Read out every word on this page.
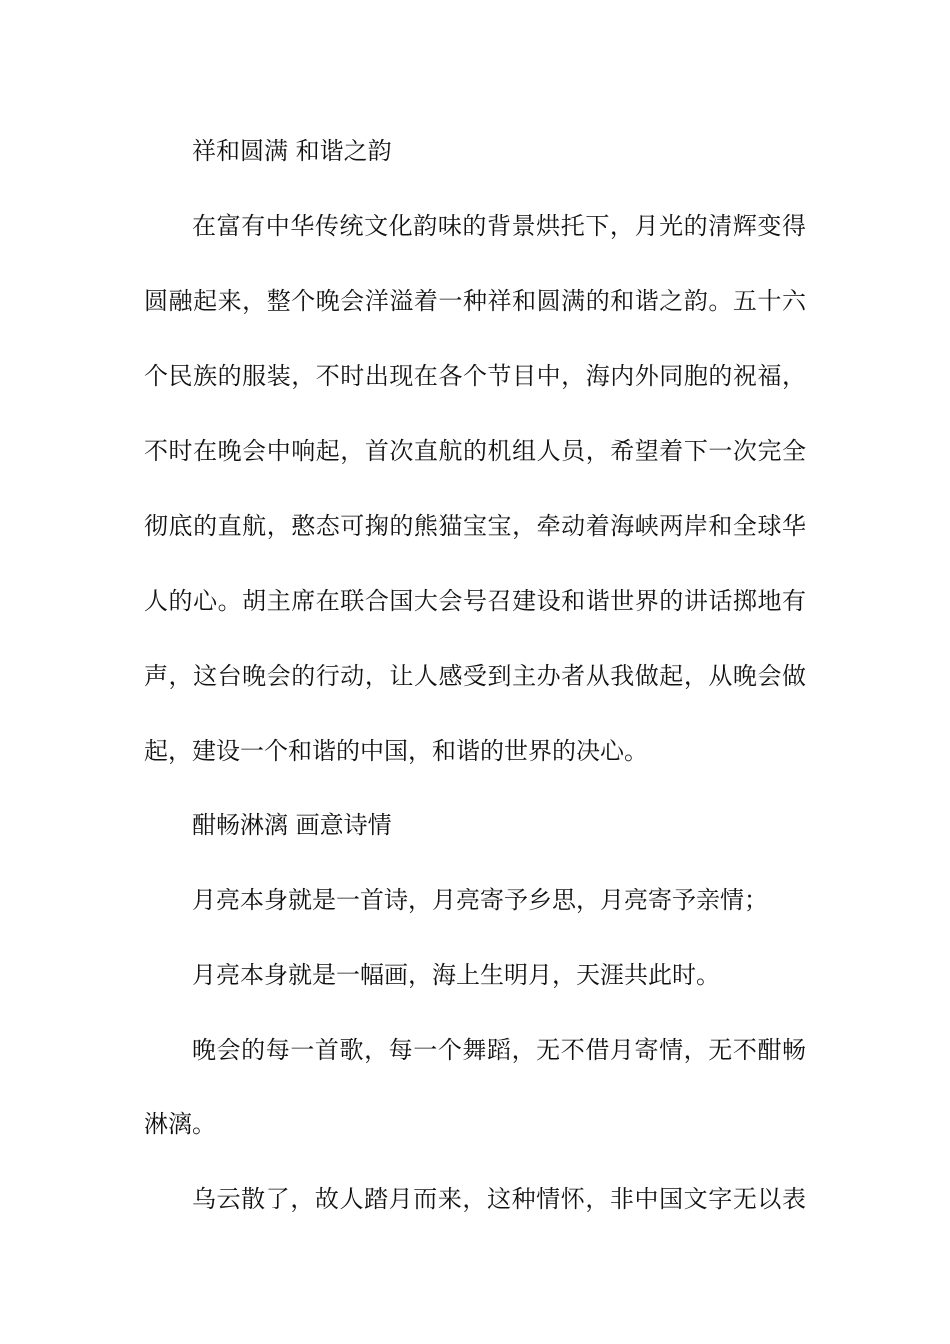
祥和圆满 和谐之韵
在富有中华传统文化韵味的背景烘托下，月光的清辉变得
圆融起来，整个晚会洋溢着一种祥和圆满的和谐之韵。五十六
个民族的服装，不时出现在各个节目中，海内外同胞的祝福，
不时在晚会中响起，首次直航的机组人员，希望着下一次完全
彻底的直航，憨态可掬的熊猫宝宝，牵动着海峡两岸和全球华
人的心。胡主席在联合国大会号召建设和谐世界的讲话掷地有
声，这台晚会的行动，让人感受到主办者从我做起，从晚会做
起，建设一个和谐的中国，和谐的世界的决心。
酣畅淋漓 画意诗情
月亮本身就是一首诗，月亮寄予乡思，月亮寄予亲情；
月亮本身就是一幅画，海上生明月，天涯共此时。
晚会的每一首歌，每一个舞蹈，无不借月寄情，无不酣畅
淋漓。
乌云散了，故人踏月而来，这种情怀，非中国文字无以表
